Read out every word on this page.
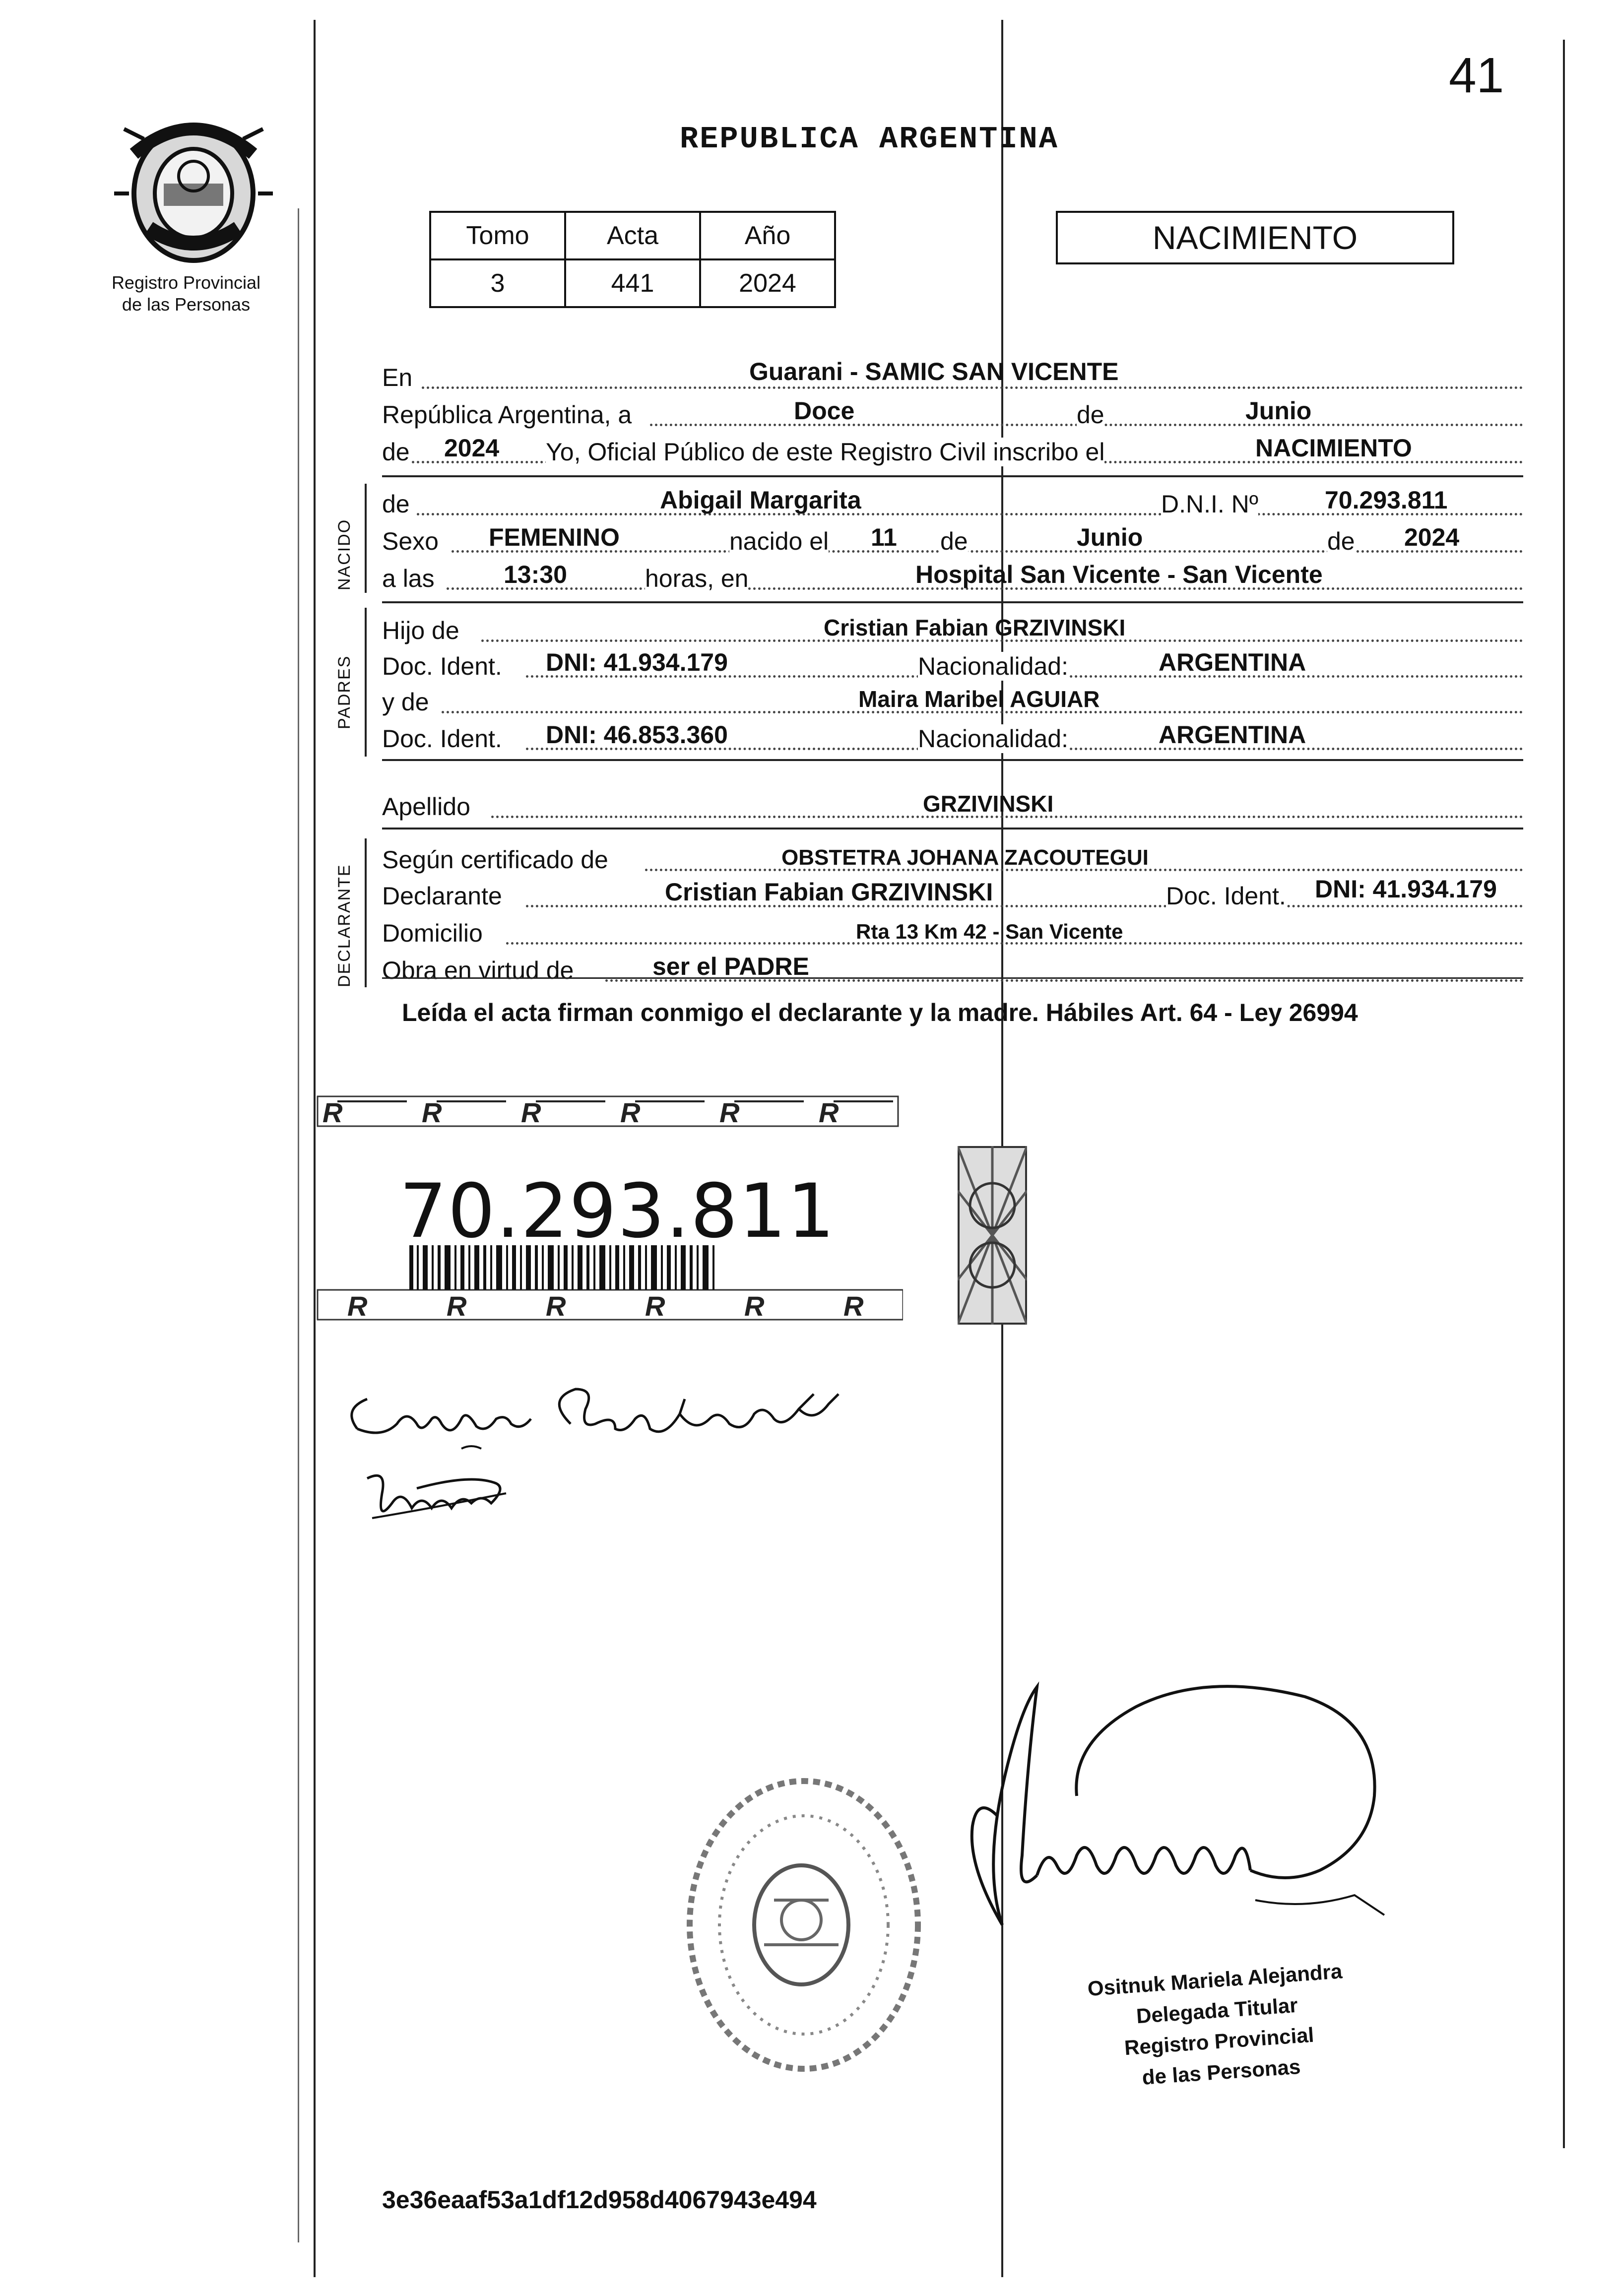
41
Registro Provincial
de las Personas
REPUBLICA ARGENTINA
Tomo	Acta	Año
3	441	2024
NACIMIENTO
En	Guarani - SAMIC SAN VICENTE
República Argentina, a	Doce	de	Junio
de 2024 Yo, Oficial Público de este Registro Civil inscribo el	NACIMIENTO
NACIDO
de	Abigail Margarita	D.N.I. Nº	70.293.811
Sexo FEMENINO	nacido el 11 de	Junio	de 2024
a las	13:30	horas, en	Hospital San Vicente - San Vicente
PADRES
Hijo de	Cristian Fabian GRZIVINSKI
Doc. Ident. DNI: 41.934.179	Nacionalidad:	ARGENTINA
y de	Maira Maribel AGUIAR
Doc. Ident. DNI: 46.853.360	Nacionalidad:	ARGENTINA
Apellido	GRZIVINSKI
DECLARANTE
Según certificado de	OBSTETRA JOHANA ZACOUTEGUI
Declarante	Cristian Fabian GRZIVINSKI	Doc. Ident. DNI: 41.934.179
Domicilio	Rta 13 Km 42 - San Vicente
Obra en virtud de	ser el PADRE
Leída el acta firman conmigo el declarante y la madre. Hábiles Art. 64 - Ley 26994
R	R	R	R	R	R
R	R	R	R	R	R
70.293.811
Ositnuk Mariela Alejandra
Delegada Titular
Registro Provincial
de las Personas
3e36eaaf53a1df12d958d4067943e494
